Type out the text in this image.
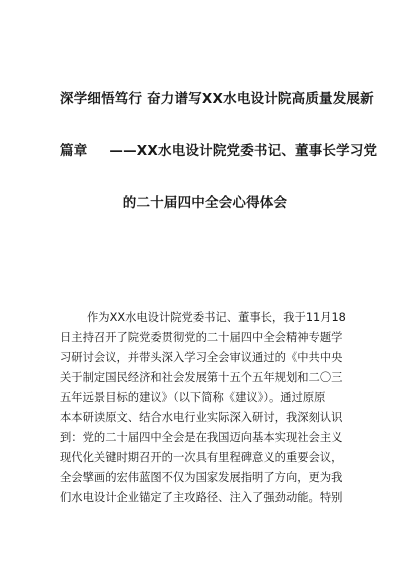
深学细悟笃行 奋力谱写XX水电设计院高质量发展新
篇章 ——XX水电设计院党委书记、董事长学习党
的二十届四中全会心得体会

作为XX水电设计院党委书记、董事长，我于11月18

日主持召开了院党委贯彻党的二十届四中全会精神专题学

习研讨会议，并带头深入学习全会审议通过的《中共中央

关于制定国民经济和社会发展第十五个五年规划和二〇三

五年远景目标的建议》（以下简称《建议》）。通过原原

本本研读原文、结合水电行业实际深入研讨，我深刻认识

到：党的二十届四中全会是在我国迈向基本实现社会主义

现代化关键时期召开的一次具有里程碑意义的重要会议，

全会擘画的宏伟蓝图不仅为国家发展指明了方向，更为我

们水电设计企业锚定了主攻路径、注入了强劲动能。特别
